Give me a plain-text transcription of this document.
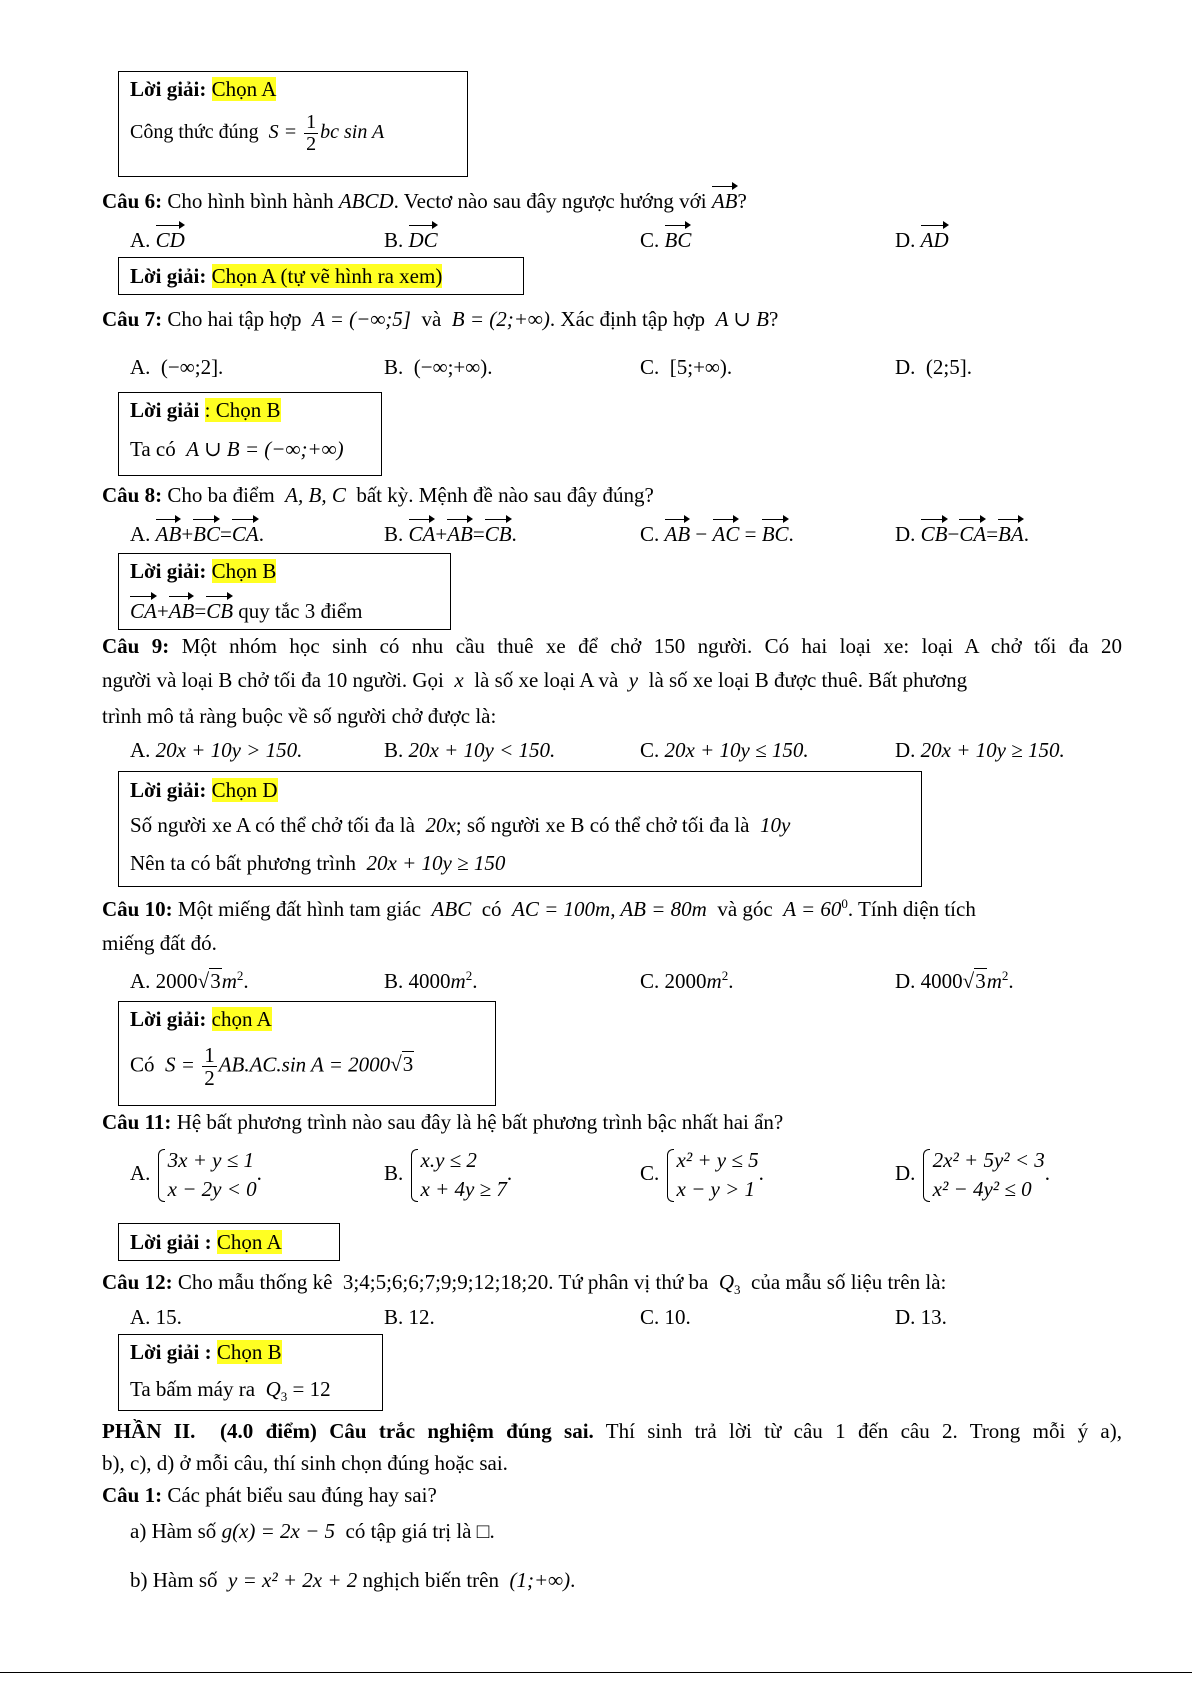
Lời giải: Chọn A
Công thức đúng $S = \frac{1}{2}$ bc sin A
Câu 6: Cho hình bình hành ABCD. Vectơ nào sau đây ngược hướng với AB?
A. CD	B. DC	C. BC	D. AD
Lời giải: Chọn A (tự vẽ hình ra xem)
Câu 7: Cho hai tập hợp A = (−∞;5] và B = (2;+∞). Xác định tập hợp A ∪ B?
A. (−∞;2].	B. (−∞;+∞).	C. [5;+∞).	D. (2;5].
Lời giải : Chọn B
Ta có A ∪ B = (−∞;+∞)
Câu 8: Cho ba điểm A, B, C bất kỳ. Mệnh đề nào sau đây đúng?
A. AB+BC=CA.	B. CA+AB=CB.	C. AB − AC = BC.	D. CB−CA=BA.
Lời giải: Chọn B
CA+AB=CB quy tắc 3 điểm
Câu 9: Một nhóm học sinh có nhu cầu thuê xe để chở 150 người. Có hai loại xe: loại A chở tối đa 20
người và loại B chở tối đa 10 người. Gọi x là số xe loại A và y là số xe loại B được thuê. Bất phương
trình mô tả ràng buộc về số người chở được là:
A. 20x + 10y > 150.	B. 20x + 10y < 150.	C. 20x + 10y ≤ 150.	D. 20x + 10y ≥ 150.
Lời giải: Chọn D
Số người xe A có thể chở tối đa là 20x; số người xe B có thể chở tối đa là 10y
Nên ta có bất phương trình 20x + 10y ≥ 150
Câu 10: Một miếng đất hình tam giác ABC có AC = 100m, AB = 80m và góc $A = 60^0$. Tính diện tích
miếng đất đó.
A. $2000√3m^2$.	B. $4000m^2$.	C. $2000m^2$.	D. $4000√3m^2$.
Lời giải: chọn A
Có $S = \frac{1}{2} AB.AC.\sin$ A = 2000√3
Câu 11: Hệ bất phương trình nào sau đây là hệ bất phương trình bậc nhất hai ẩn?
A.
3x + y ≤ 1
x − 2y < 0
.	B.
x.y ≤ 2
x + 4y ≥ 7
.	C.
x² + y ≤ 5
x − y > 1
.	D.
2x² + 5y² < 3
x² − 4y² ≤ 0
.
Lời giải : Chọn A
Câu 12: Cho mẫu thống kê 3;4;5;6;6;7;9;9;12;18;20. Tứ phân vị thứ ba $Q_3$ của mẫu số liệu trên là:
A. 15.	B. 12.	C. 10.	D. 13.
Lời giải : Chọn B
Ta bấm máy ra $Q_3 = 12$
PHẦN II. (4.0 điểm) Câu trắc nghiệm đúng sai. Thí sinh trả lời từ câu 1 đến câu 2. Trong mỗi ý a),
b), c), d) ở mỗi câu, thí sinh chọn đúng hoặc sai.
Câu 1: Các phát biểu sau đúng hay sai?
a) Hàm số g(x) = 2x − 5 có tập giá trị là □.
b) Hàm số y = x² + 2x + 2 nghịch biến trên (1;+∞).
